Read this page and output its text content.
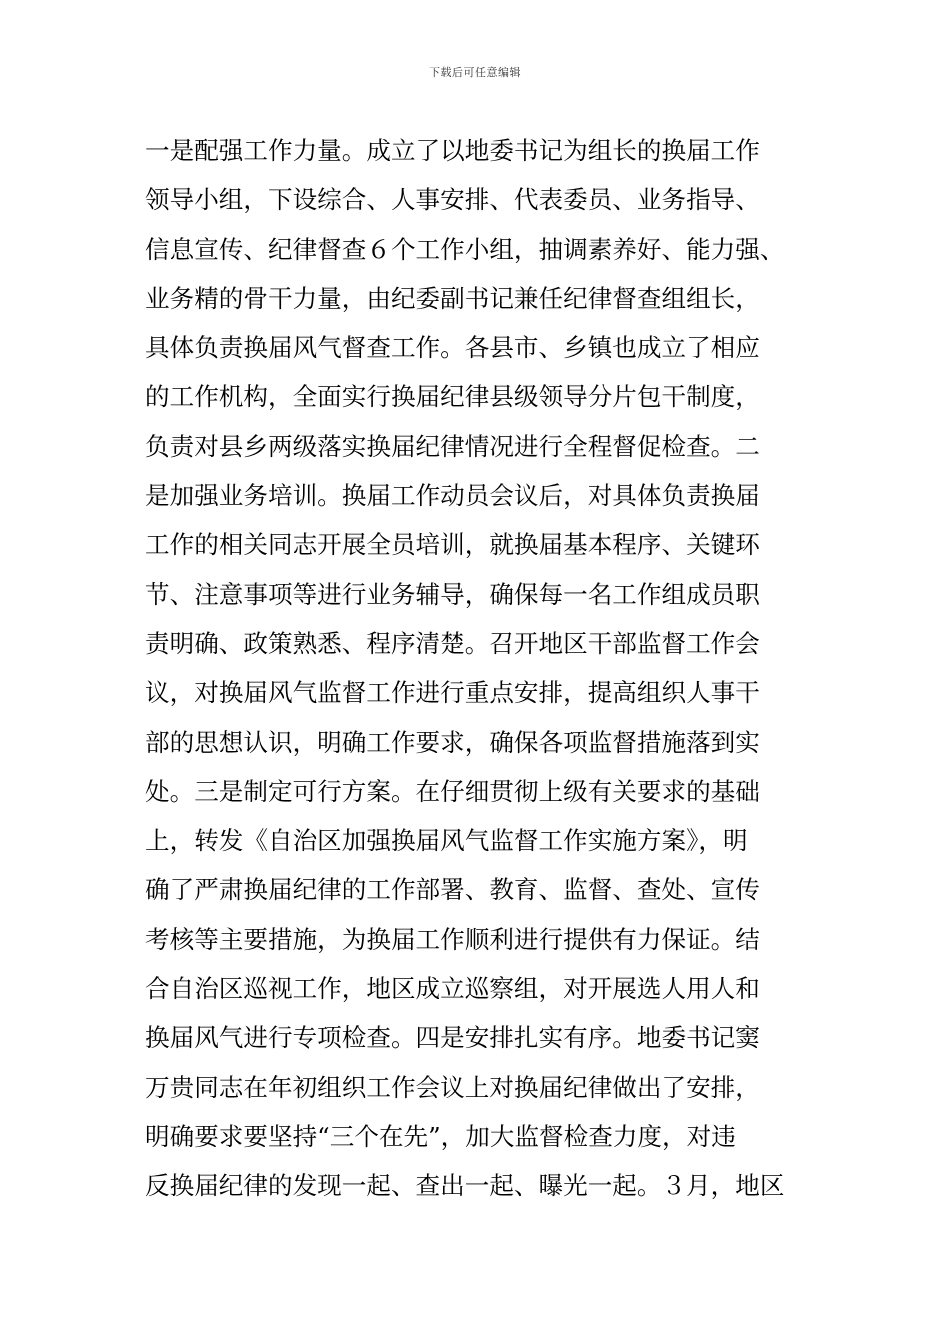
下载后可任意编辑
一是配强工作力量。成立了以地委书记为组长的换届工作
领导小组，下设综合、人事安排、代表委员、业务指导、
信息宣传、纪律督查６个工作小组，抽调素养好、能力强、
业务精的骨干力量，由纪委副书记兼任纪律督查组组长，
具体负责换届风气督查工作。各县市、乡镇也成立了相应
的工作机构，全面实行换届纪律县级领导分片包干制度，
负责对县乡两级落实换届纪律情况进行全程督促检查。二
是加强业务培训。换届工作动员会议后，对具体负责换届
工作的相关同志开展全员培训，就换届基本程序、关键环
节、注意事项等进行业务辅导，确保每一名工作组成员职
责明确、政策熟悉、程序清楚。召开地区干部监督工作会
议，对换届风气监督工作进行重点安排，提高组织人事干
部的思想认识，明确工作要求，确保各项监督措施落到实
处。三是制定可行方案。在仔细贯彻上级有关要求的基础
上，转发《自治区加强换届风气监督工作实施方案》，明
确了严肃换届纪律的工作部署、教育、监督、查处、宣传
考核等主要措施，为换届工作顺利进行提供有力保证。结
合自治区巡视工作，地区成立巡察组，对开展选人用人和
换届风气进行专项检查。四是安排扎实有序。地委书记窦
万贵同志在年初组织工作会议上对换届纪律做出了安排，
明确要求要坚持“三个在先”，加大监督检查力度，对违
反换届纪律的发现一起、查出一起、曝光一起。３月，地区
